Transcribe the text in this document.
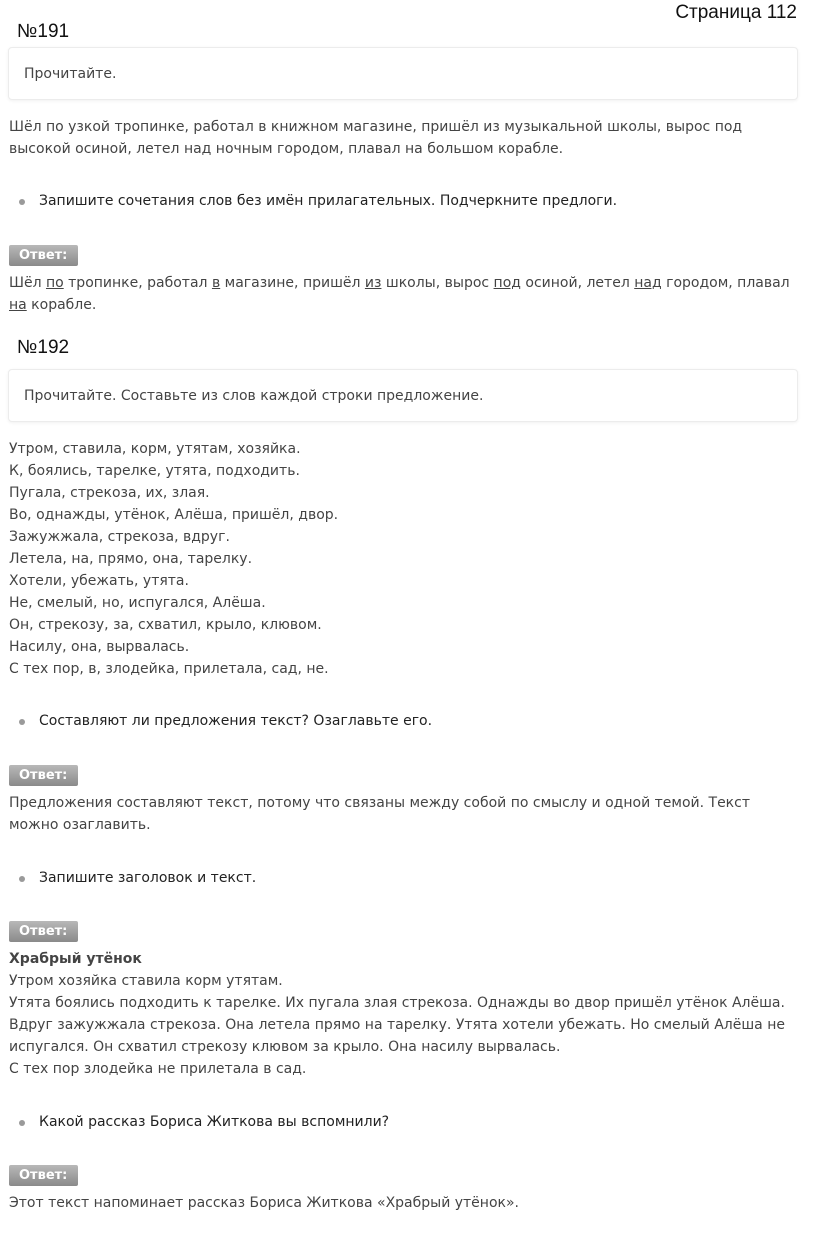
Страница 112
№191
Прочитайте.
Шёл по узкой тропинке, работал в книжном магазине, пришёл из музыкальной школы, вырос под
высокой осиной, летел над ночным городом, плавал на большом корабле.
Запишите сочетания слов без имён прилагательных. Подчеркните предлоги.
Ответ:
Шёл по тропинке, работал в магазине, пришёл из школы, вырос под осиной, летел над городом, плавал
на корабле.
№192
Прочитайте. Составьте из слов каждой строки предложение.
Утром, ставила, корм, утятам, хозяйка.
К, боялись, тарелке, утята, подходить.
Пугала, стрекоза, их, злая.
Во, однажды, утёнок, Алёша, пришёл, двор.
Зажужжала, стрекоза, вдруг.
Летела, на, прямо, она, тарелку.
Хотели, убежать, утята.
Не, смелый, но, испугался, Алёша.
Он, стрекозу, за, схватил, крыло, клювом.
Насилу, она, вырвалась.
С тех пор, в, злодейка, прилетала, сад, не.
Составляют ли предложения текст? Озаглавьте его.
Ответ:
Предложения составляют текст, потому что связаны между собой по смыслу и одной темой. Текст
можно озаглавить.
Запишите заголовок и текст.
Ответ:
Храбрый утёнок
Утром хозяйка ставила корм утятам.
Утята боялись подходить к тарелке. Их пугала злая стрекоза. Однажды во двор пришёл утёнок Алёша.
Вдруг зажужжала стрекоза. Она летела прямо на тарелку. Утята хотели убежать. Но смелый Алёша не
испугался. Он схватил стрекозу клювом за крыло. Она насилу вырвалась.
С тех пор злодейка не прилетала в сад.
Какой рассказ Бориса Житкова вы вспомнили?
Ответ:
Этот текст напоминает рассказ Бориса Житкова «Храбрый утёнок».
